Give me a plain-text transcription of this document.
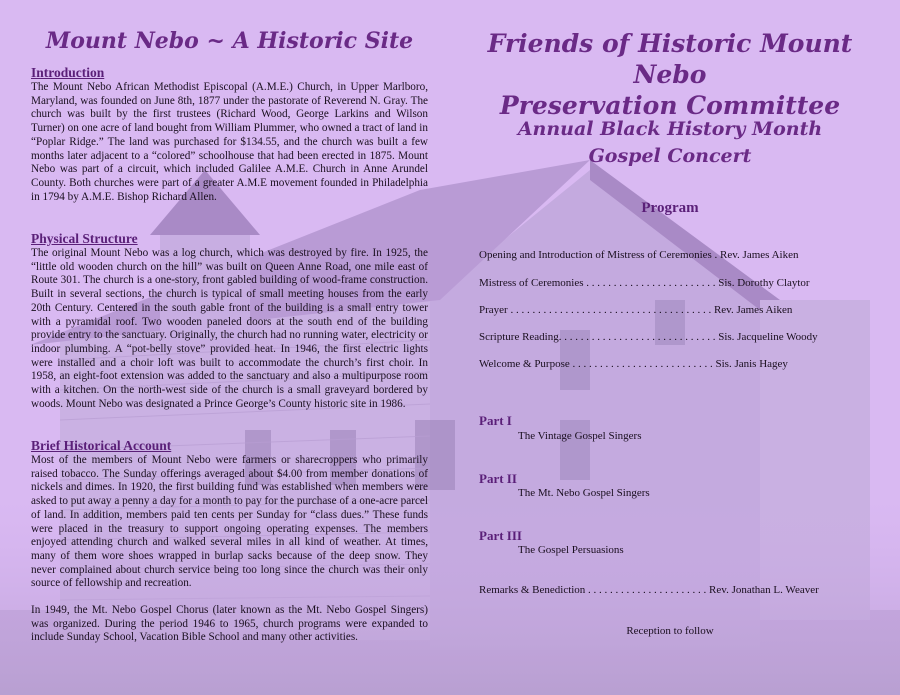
Mount Nebo ~ A Historic Site
Introduction

The Mount Nebo African Methodist Episcopal (A.M.E.) Church, in Upper Marlboro, Maryland, was founded on June 8th, 1877 under the pastorate of Reverend N. Gray. The church was built by the first trustees (Richard Wood, George Larkins and Wilson Turner) on one acre of land bought from William Plummer, who owned a tract of land in “Poplar Ridge.” The land was purchased for $134.55, and the church was built a few months later adjacent to a “colored” schoolhouse that had been erected in 1875. Mount Nebo was part of a circuit, which included Galilee A.M.E. Church in Anne Arundel County. Both churches were part of a greater A.M.E movement founded in Philadelphia in 1794 by A.M.E. Bishop Richard Allen.

Physical Structure

The original Mount Nebo was a log church, which was destroyed by fire. In 1925, the “little old wooden church on the hill” was built on Queen Anne Road, one mile east of Route 301. The church is a one-story, front gabled building of wood-frame construction. Built in several sections, the church is typical of small meeting houses from the early 20th Century. Centered in the south gable front of the building is a small entry tower with a pyramidal roof. Two wooden paneled doors at the south end of the building provide entry to the sanctuary. Originally, the church had no running water, electricity or indoor plumbing. A “pot-belly stove” provided heat. In 1946, the first electric lights were installed and a choir loft was built to accommodate the church’s first choir. In 1958, an eight-foot extension was added to the sanctuary and also a multipurpose room with a kitchen. On the north-west side of the church is a small graveyard bordered by woods. Mount Nebo was designated a Prince George’s County historic site in 1986.

Brief Historical Account

Most of the members of Mount Nebo were farmers or sharecroppers who primarily raised tobacco. The Sunday offerings averaged about $4.00 from member donations of nickels and dimes. In 1920, the first building fund was established when members were asked to put away a penny a day for a month to pay for the purchase of a one-acre parcel of land. In addition, members paid ten cents per Sunday for “class dues.” These funds were placed in the treasury to support ongoing operating expenses. The members enjoyed attending church and walked several miles in all kind of weather. At times, many of them wore shoes wrapped in burlap sacks because of the deep snow. They never complained about church service being too long since the church was their only source of fellowship and recreation.

In 1949, the Mt. Nebo Gospel Chorus (later known as the Mt. Nebo Gospel Singers) was organized. During the period 1946 to 1965, church programs were expanded to include Sunday School, Vacation Bible School and many other activities.

Friends of Historic Mount Nebo
Preservation Committee
Annual Black History Month
Gospel Concert
Program
Opening and Introduction of Mistress of Ceremonies . Rev. James Aiken
Mistress of Ceremonies . . . . . . . . . . . . . . . . . . . . . . . . Sis. Dorothy Claytor
Prayer . . . . . . . . . . . . . . . . . . . . . . . . . . . . . . . . . . . . . Rev. James Aiken
Scripture Reading. . . . . . . . . . . . . . . . . . . . . . . . . . . . . Sis. Jacqueline Woody
Welcome & Purpose . . . . . . . . . . . . . . . . . . . . . . . . . . Sis. Janis Hagey
Part I
The Vintage Gospel Singers
Part II
The Mt. Nebo Gospel Singers
Part III
The Gospel Persuasions
Remarks & Benediction . . . . . . . . . . . . . . . . . . . . . . Rev. Jonathan L. Weaver
Reception to follow
